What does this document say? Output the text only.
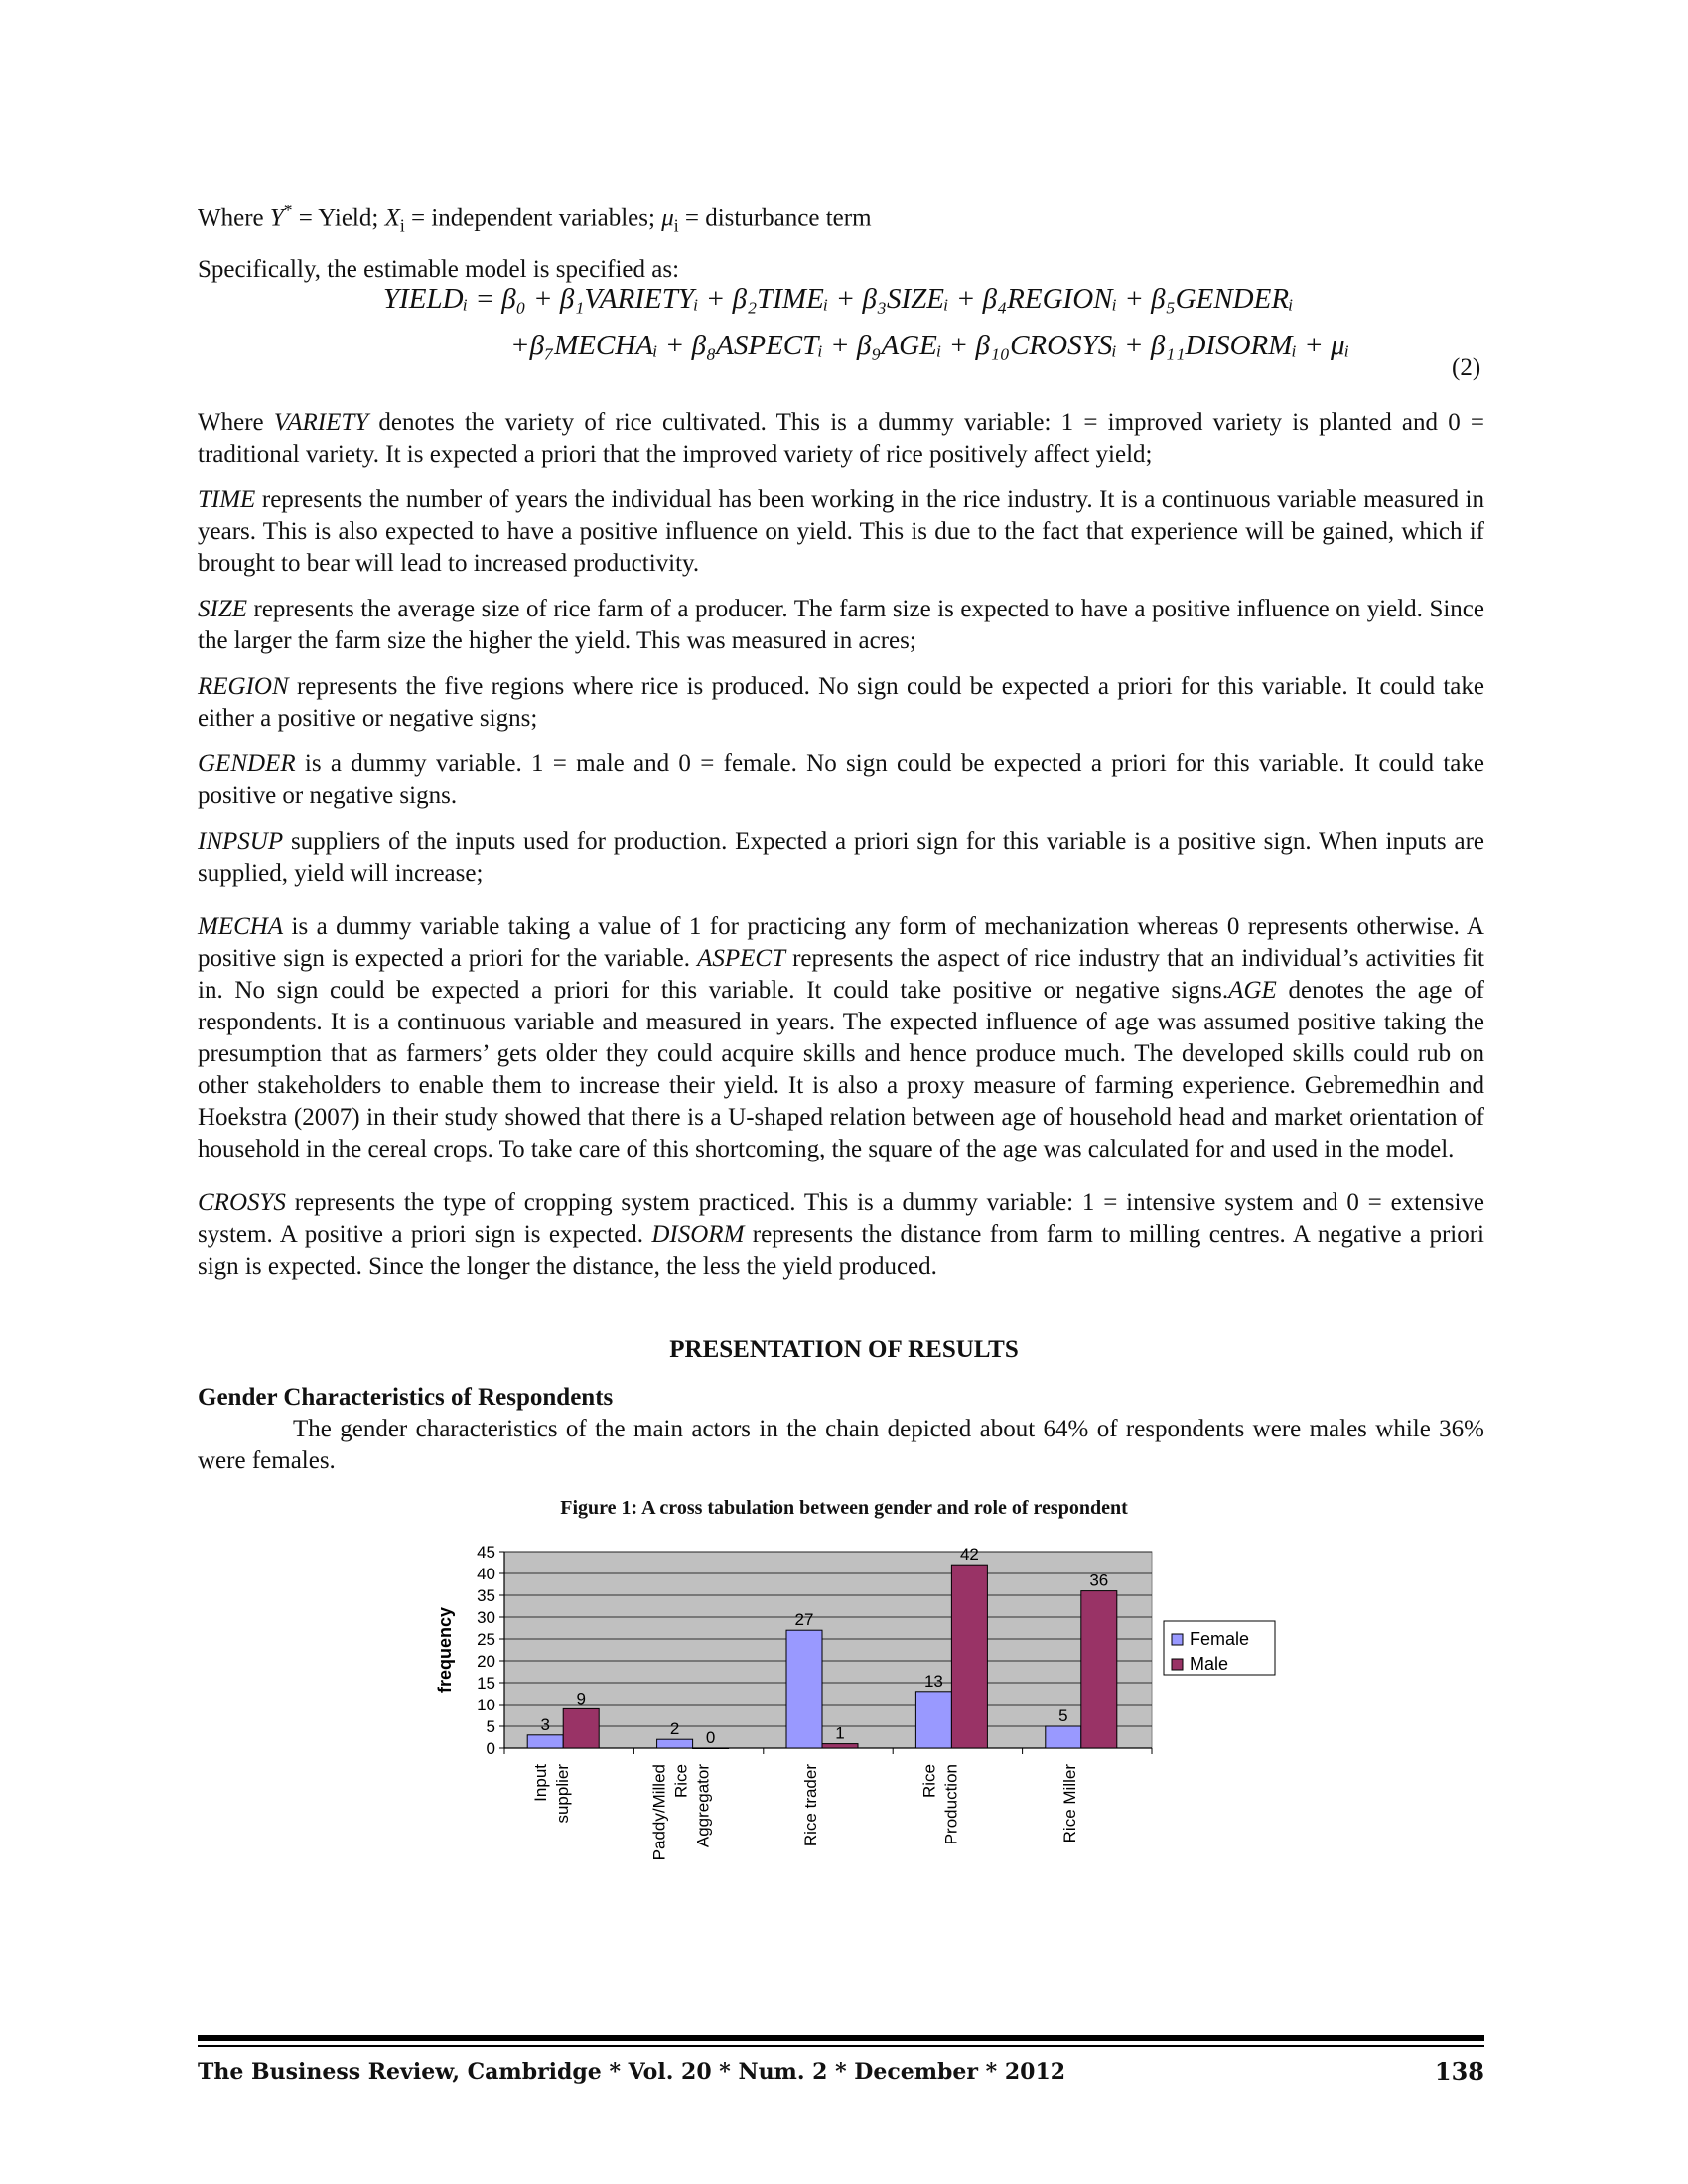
Where Y* = Yield; $X_i$ = independent variables; $\mu_i$ = disturbance term
Specifically, the estimable model is specified as:
YIELDᵢ = β₀ + β₁VARIETYᵢ + β₂TIMEᵢ + β₃SIZEᵢ + β₄REGIONᵢ + β₅GENDERᵢ
+β₇MECHAᵢ + β₈ASPECTᵢ + β₉AGEᵢ + β₁₀CROSYSᵢ + β₁₁DISORMᵢ + μᵢ
(2)

Where VARIETY denotes the variety of rice cultivated. This is a dummy variable: 1 = improved variety is planted and 0 = traditional variety. It is expected a priori that the improved variety of rice positively affect yield;

TIME represents the number of years the individual has been working in the rice industry. It is a continuous variable measured in years. This is also expected to have a positive influence on yield. This is due to the fact that experience will be gained, which if brought to bear will lead to increased productivity.

SIZE represents the average size of rice farm of a producer. The farm size is expected to have a positive influence on yield. Since the larger the farm size the higher the yield. This was measured in acres;

REGION represents the five regions where rice is produced. No sign could be expected a priori for this variable. It could take either a positive or negative signs;

GENDER is a dummy variable. 1 = male and 0 = female. No sign could be expected a priori for this variable. It could take positive or negative signs.

INPSUP suppliers of the inputs used for production. Expected a priori sign for this variable is a positive sign. When inputs are supplied, yield will increase;

MECHA is a dummy variable taking a value of 1 for practicing any form of mechanization whereas 0 represents otherwise. A positive sign is expected a priori for the variable. ASPECT represents the aspect of rice industry that an individual’s activities fit in. No sign could be expected a priori for this variable. It could take positive or negative signs.AGE denotes the age of respondents. It is a continuous variable and measured in years. The expected influence of age was assumed positive taking the presumption that as farmers’ gets older they could acquire skills and hence produce much. The developed skills could rub on other stakeholders to enable them to increase their yield. It is also a proxy measure of farming experience. Gebremedhin and Hoekstra (2007) in their study showed that there is a U-shaped relation between age of household head and market orientation of household in the cereal crops. To take care of this shortcoming, the square of the age was calculated for and used in the model.

CROSYS represents the type of cropping system practiced. This is a dummy variable: 1 = intensive system and 0 = extensive system. A positive a priori sign is expected. DISORM represents the distance from farm to milling centres. A negative a priori sign is expected. Since the longer the distance, the less the yield produced.

PRESENTATION OF RESULTS
Gender Characteristics of Respondents
The gender characteristics of the main actors in the chain depicted about 64% of respondents were males while 36% were females.
Figure 1: A cross tabulation between gender and role of respondent
0
5
10
15
20
25
30
35
40
45
frequency
3
9
Input supplier
2 0
Paddy/Milled Rice Aggregator
27
1
Rice trader
13
42
Rice Production
5
36
Rice Miller
Female
Male
The Business Review, Cambridge * Vol. 20 * Num. 2 * December * 2012	138
